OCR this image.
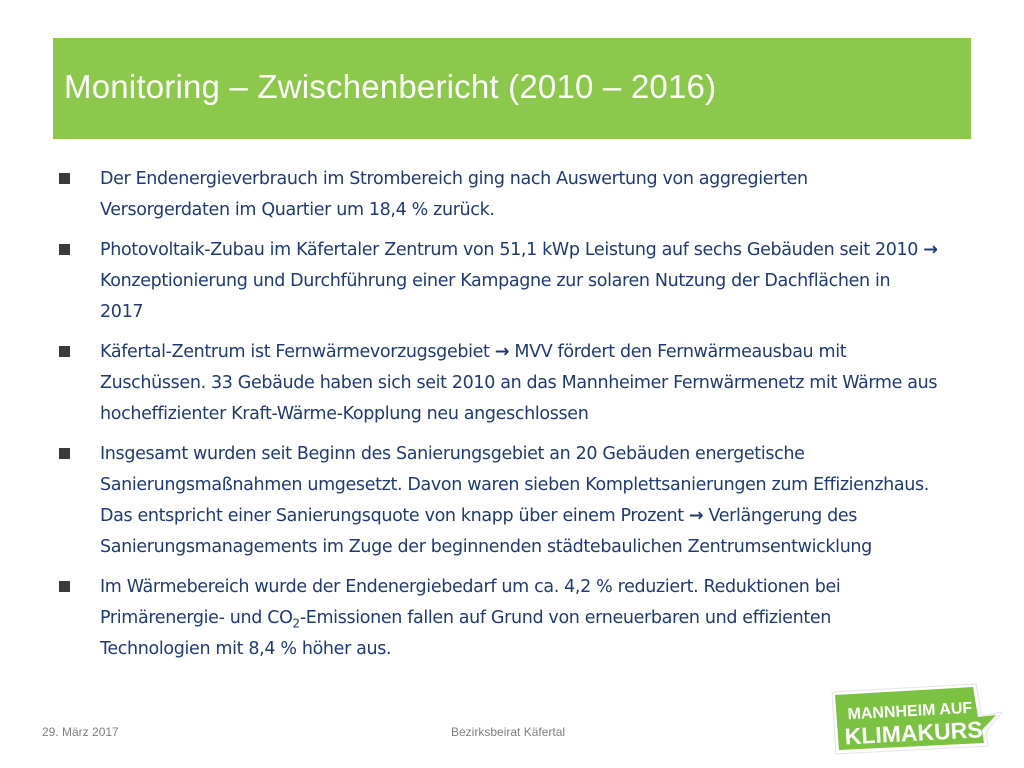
Monitoring – Zwischenbericht (2010 – 2016)
Der Endenergieverbrauch im Strombereich ging nach Auswertung von aggregierten Versorgerdaten im Quartier um 18,4 % zurück.
Photovoltaik-Zubau im Käfertaler Zentrum von 51,1 kWp Leistung auf sechs Gebäuden seit 2010 → Konzeptionierung und Durchführung einer Kampagne zur solaren Nutzung der Dachflächen in 2017
Käfertal-Zentrum ist Fernwärmevorzugsgebiet → MVV fördert den Fernwärmeausbau mit Zuschüssen. 33 Gebäude haben sich seit 2010 an das Mannheimer Fernwärmenetz mit Wärme aus hocheffizienter Kraft-Wärme-Kopplung neu angeschlossen
Insgesamt wurden seit Beginn des Sanierungsgebiet an 20 Gebäuden energetische Sanierungsmaßnahmen umgesetzt. Davon waren sieben Komplettsanierungen zum Effizienzhaus. Das entspricht einer Sanierungsquote von knapp über einem Prozent → Verlängerung des Sanierungsmanagements im Zuge der beginnenden städtebaulichen Zentrumsentwicklung
Im Wärmebereich wurde der Endenergiebedarf um ca. 4,2 % reduziert. Reduktionen bei Primärenergie- und $CO_2$-Emissionen fallen auf Grund von erneuerbaren und effizienten Technologien mit 8,4 % höher aus.
29. März 2017	Bezirksbeirat Käfertal
MANNHEIM AUF
KLIMAKURS
